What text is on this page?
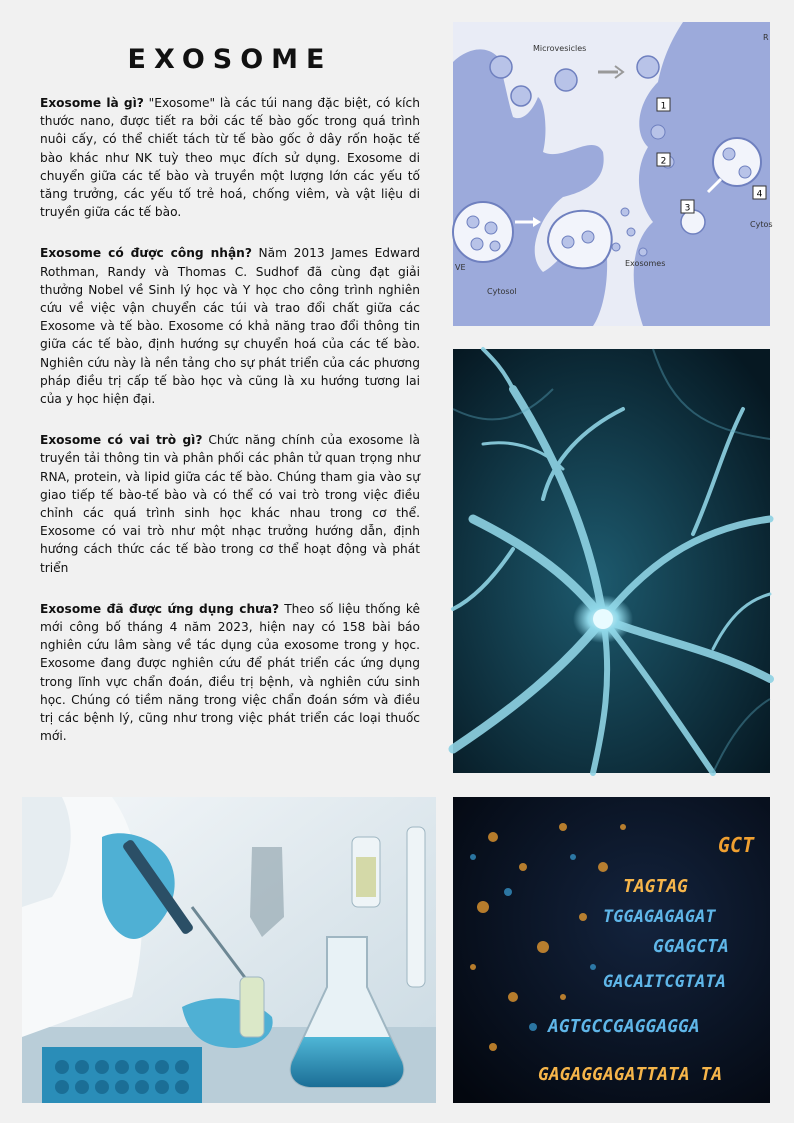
EXOSOME

Exosome là gì? "Exosome" là các túi nang đặc biệt, có kích thước nano, được tiết ra bởi các tế bào gốc trong quá trình nuôi cấy, có thể chiết tách từ tế bào gốc ở dây rốn hoặc tế bào khác như NK tuỳ theo mục đích sử dụng. Exosome di chuyển giữa các tế bào và truyền một lượng lớn các yếu tố tăng trưởng, các yếu tố trẻ hoá, chống viêm, và vật liệu di truyền giữa các tế bào.

Exosome có được công nhận? Năm 2013 James Edward Rothman, Randy và Thomas C. Sudhof đã cùng đạt giải thưởng Nobel về Sinh lý học và Y học cho công trình nghiên cứu về việc vận chuyển các túi và trao đổi chất giữa các Exosome và tế bào. Exosome có khả năng trao đổi thông tin giữa các tế bào, định hướng sự chuyển hoá của các tế bào. Nghiên cứu này là nền tảng cho sự phát triển của các phương pháp điều trị cấp tế bào học và cũng là xu hướng tương lai của y học hiện đại.

Exosome có vai trò gì? Chức năng chính của exosome là truyền tải thông tin và phân phối các phân tử quan trọng như RNA, protein, và lipid giữa các tế bào. Chúng tham gia vào sự giao tiếp tế bào-tế bào và có thể có vai trò trong việc điều chỉnh các quá trình sinh học khác nhau trong cơ thể. Exosome có vai trò như một nhạc trưởng hướng dẫn, định hướng cách thức các tế bào trong cơ thể hoạt động và phát triển

Exosome đã được ứng dụng chưa? Theo số liệu thống kê mới công bố tháng 4 năm 2023, hiện nay có 158 bài báo nghiên cứu lâm sàng về tác dụng của exosome trong y học. Exosome đang được nghiên cứu để phát triển các ứng dụng trong lĩnh vực chẩn đoán, điều trị bệnh, và nghiên cứu sinh học. Chúng có tiềm năng trong việc chẩn đoán sớm và điều trị các bệnh lý, cũng như trong việc phát triển các loại thuốc mới.

1
2
3
4
Microvesicles
Exosomes
Cytosol
Cytos
VE
R
GCT
TAGTAG
TGGAGAGAGAT
GGAGCTA
GACAITCGTATA
AGTGCCGAGGAGGA
GAGAGGAGATTATA TA
